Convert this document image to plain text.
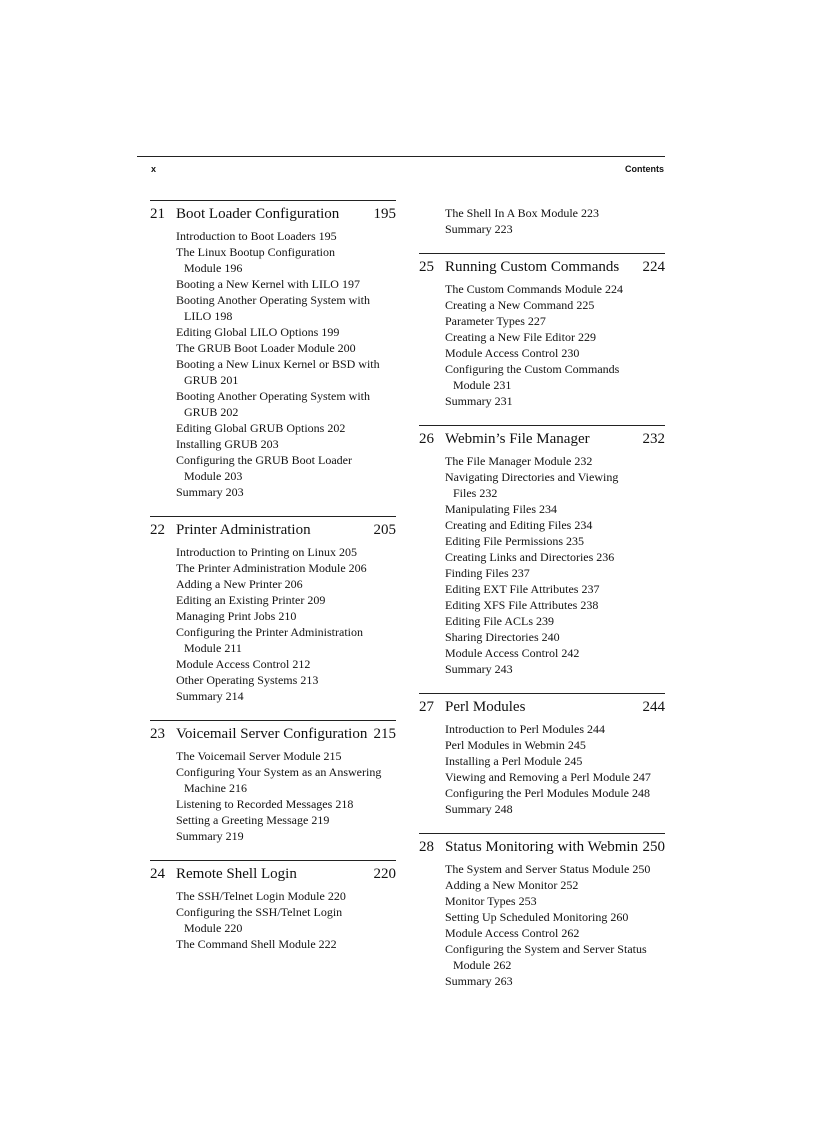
x	Contents
21 Boot Loader Configuration	195
Introduction to Boot Loaders 195
The Linux Bootup Configuration Module 196
Booting a New Kernel with LILO 197
Booting Another Operating System with LILO 198
Editing Global LILO Options 199
The GRUB Boot Loader Module 200
Booting a New Linux Kernel or BSD with GRUB 201
Booting Another Operating System with GRUB 202
Editing Global GRUB Options 202
Installing GRUB 203
Configuring the GRUB Boot Loader Module 203
Summary 203
22 Printer Administration	205
Introduction to Printing on Linux 205
The Printer Administration Module 206
Adding a New Printer 206
Editing an Existing Printer 209
Managing Print Jobs 210
Configuring the Printer Administration Module 211
Module Access Control 212
Other Operating Systems 213
Summary 214
23 Voicemail Server Configuration 215
The Voicemail Server Module 215
Configuring Your System as an Answering Machine 216
Listening to Recorded Messages 218
Setting a Greeting Message 219
Summary 219
24 Remote Shell Login	220
The SSH/Telnet Login Module 220
Configuring the SSH/Telnet Login Module 220
The Command Shell Module 222
The Shell In A Box Module 223
Summary 223
25 Running Custom Commands	224
The Custom Commands Module 224
Creating a New Command 225
Parameter Types 227
Creating a New File Editor 229
Module Access Control 230
Configuring the Custom Commands Module 231
Summary 231
26 Webmin’s File Manager	232
The File Manager Module 232
Navigating Directories and Viewing Files 232
Manipulating Files 234
Creating and Editing Files 234
Editing File Permissions 235
Creating Links and Directories 236
Finding Files 237
Editing EXT File Attributes 237
Editing XFS File Attributes 238
Editing File ACLs 239
Sharing Directories 240
Module Access Control 242
Summary 243
27 Perl Modules	244
Introduction to Perl Modules 244
Perl Modules in Webmin 245
Installing a Perl Module 245
Viewing and Removing a Perl Module 247
Configuring the Perl Modules Module 248
Summary 248
28 Status Monitoring with Webmin 250
The System and Server Status Module 250
Adding a New Monitor 252
Monitor Types 253
Setting Up Scheduled Monitoring 260
Module Access Control 262
Configuring the System and Server Status Module 262
Summary 263
